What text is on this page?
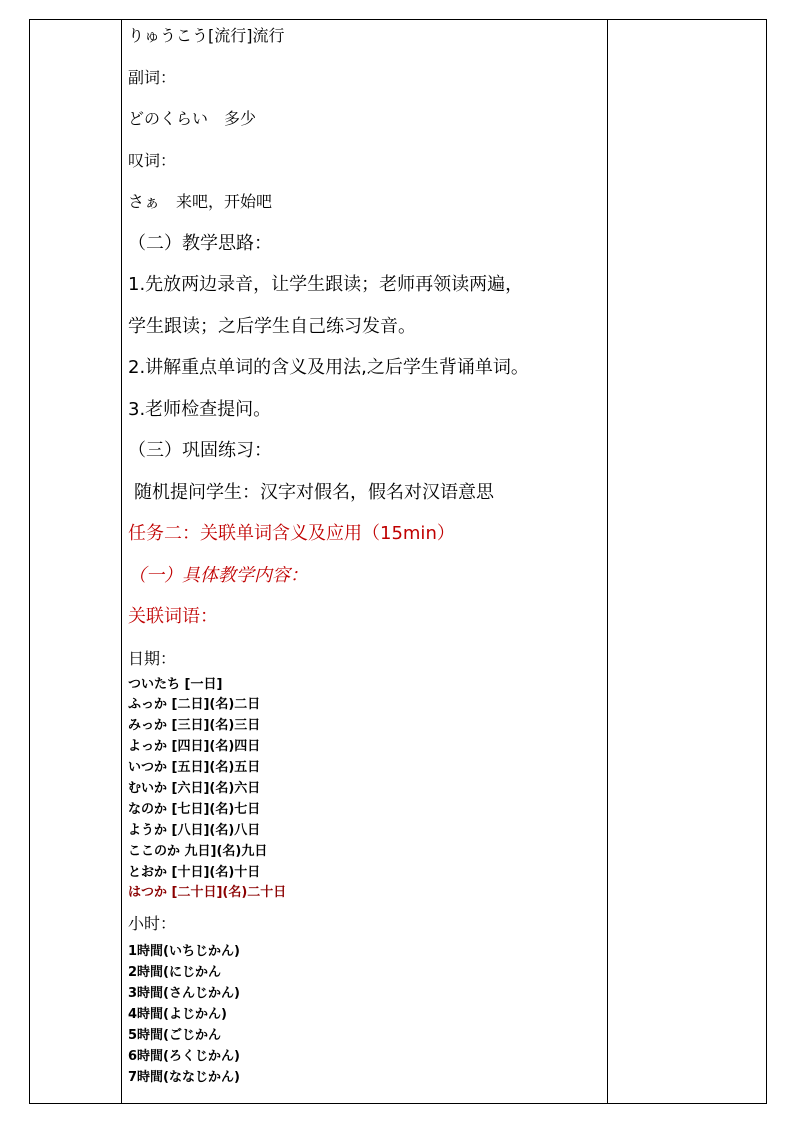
りゅうこう[流行]流行
副词：
どのくらい　多少
叹词：
さぁ　来吧，开始吧
（二）教学思路：
1.先放两边录音，让学生跟读；老师再领读两遍，
学生跟读；之后学生自己练习发音。
2.讲解重点单词的含义及用法,之后学生背诵单词。
3.老师检查提问。
（三）巩固练习：
随机提问学生：汉字对假名，假名对汉语意思
任务二：关联单词含义及应用（15min）
（一）具体教学内容：
关联词语：
日期：
ついたち [一日]
ふっか [二日](名)二日
みっか [三日](名)三日
よっか [四日](名)四日
いつか [五日](名)五日
むいか [六日](名)六日
なのか [七日](名)七日
ようか [八日](名)八日
ここのか 九日](名)九日
とおか [十日](名)十日
はつか [二十日](名)二十日
小时：
1時間(いちじかん)
2時間(にじかん
3時間(さんじかん)
4時間(よじかん)
5時間(ごじかん
6時間(ろくじかん)
7時間(ななじかん)
